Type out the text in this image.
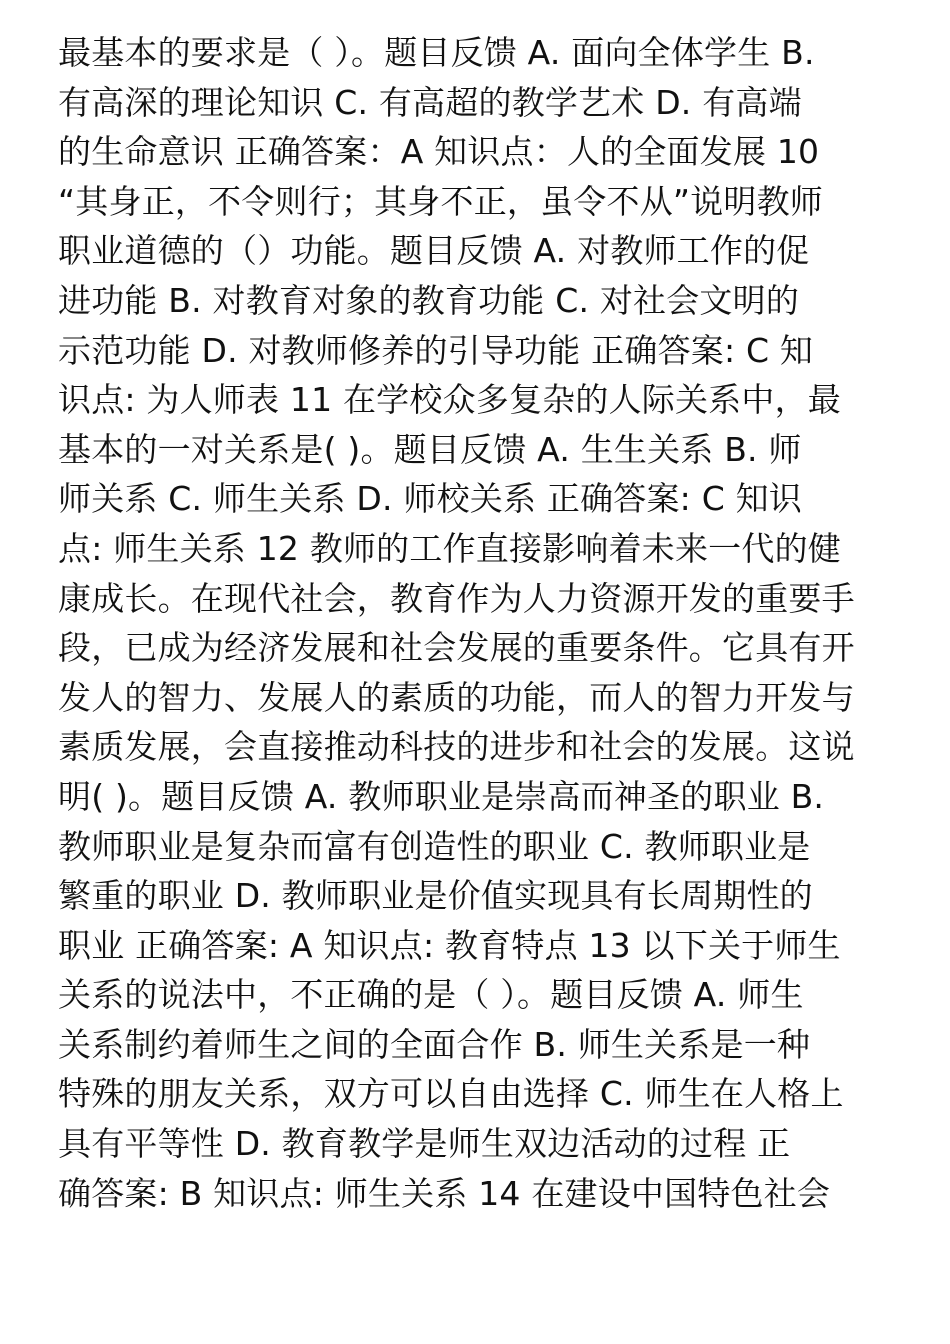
最基本的要求是（ ）。题目反馈 A. 面向全体学生 B.
有高深的理论知识 C. 有高超的教学艺术 D. 有高端
的生命意识 正确答案：A 知识点：人的全面发展 10
“其身正，不令则行；其身不正，虽令不从”说明教师
职业道德的（）功能。题目反馈 A. 对教师工作的促
进功能 B. 对教育对象的教育功能 C. 对社会文明的
示范功能 D. 对教师修养的引导功能 正确答案: C 知
识点: 为人师表 11 在学校众多复杂的人际关系中，最
基本的一对关系是( )。题目反馈 A. 生生关系 B. 师
师关系 C. 师生关系 D. 师校关系 正确答案: C 知识
点: 师生关系 12 教师的工作直接影响着未来一代的健
康成长。在现代社会，教育作为人力资源开发的重要手
段，已成为经济发展和社会发展的重要条件。它具有开
发人的智力、发展人的素质的功能，而人的智力开发与
素质发展，会直接推动科技的进步和社会的发展。这说
明( )。题目反馈 A. 教师职业是崇高而神圣的职业 B.
教师职业是复杂而富有创造性的职业 C. 教师职业是
繁重的职业 D. 教师职业是价值实现具有长周期性的
职业 正确答案: A 知识点: 教育特点 13 以下关于师生
关系的说法中，不正确的是（ ）。题目反馈 A. 师生
关系制约着师生之间的全面合作 B. 师生关系是一种
特殊的朋友关系，双方可以自由选择 C. 师生在人格上
具有平等性 D. 教育教学是师生双边活动的过程 正
确答案: B 知识点: 师生关系 14 在建设中国特色社会
